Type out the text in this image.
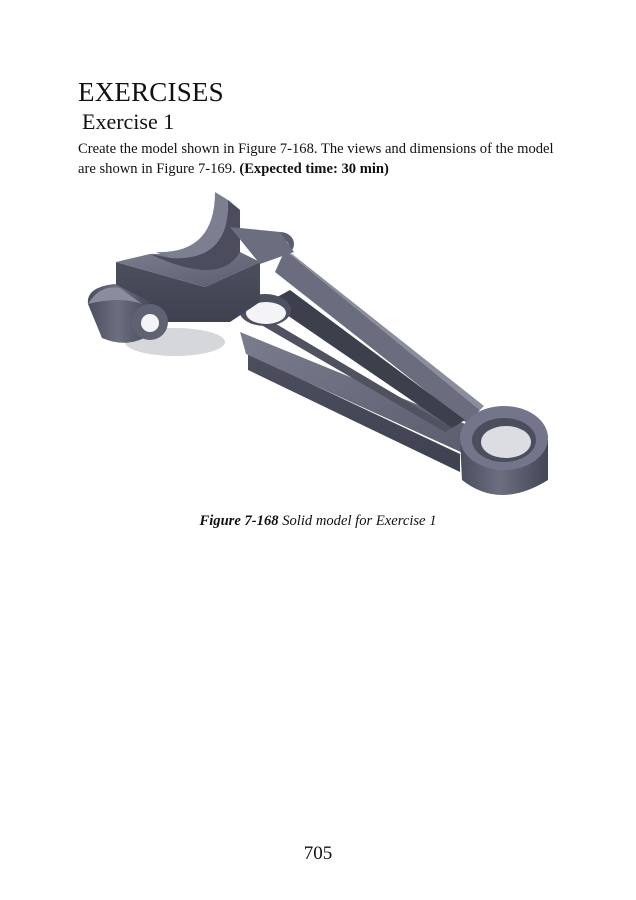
EXERCISES
Exercise 1

Create the model shown in Figure 7-168. The views and dimensions of the model are shown in Figure 7-169. (Expected time: 30 min)

Figure 7-168 Solid model for Exercise 1
705
